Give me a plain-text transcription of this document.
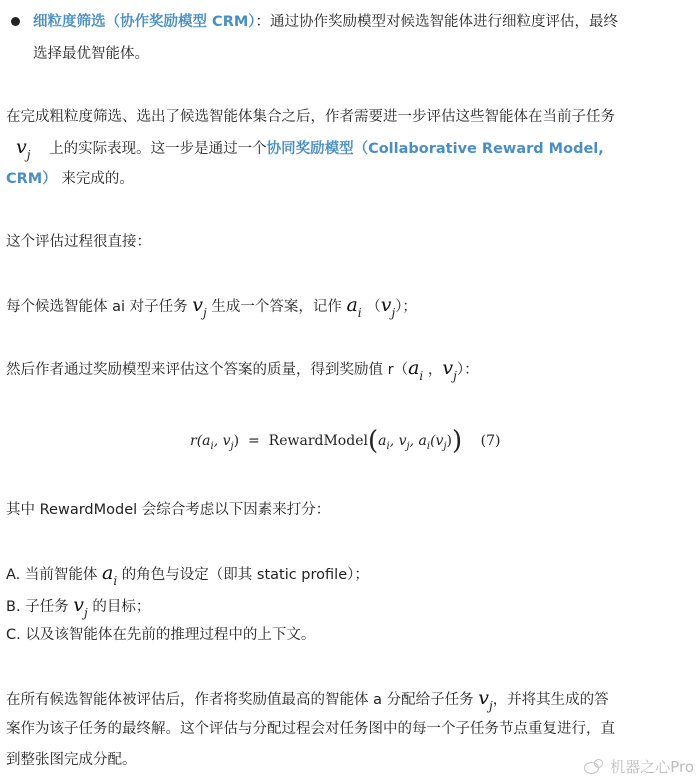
细粒度筛选（协作奖励模型 CRM）：通过协作奖励模型对候选智能体进行细粒度评估，最终
选择最优智能体。

在完成粗粒度筛选、选出了候选智能体集合之后，作者需要进一步评估这些智能体在当前子任务

$v_j$ 上的实际表现。这一步是通过一个协同奖励模型（Collaborative Reward Model,

CRM） 来完成的。

这个评估过程很直接：

每个候选智能体 ai 对子任务 $v_j$ 生成一个答案，记作 $a_i$ $(v_j)$；

然后作者通过奖励模型来评估这个答案的质量，得到奖励值 $r(a_i$ ，$v_j$）：

$r(a_i$, $v_j$) = $RewardModel(a_i$, $v_j$, $a_i(v_j)$) (7)

其中 RewardModel 会综合考虑以下因素来打分：

A. 当前智能体 $a_i$ 的角色与设定（即其 static profile）；

B. 子任务 $v_j$ 的目标；

C. 以及该智能体在先前的推理过程中的上下文。

在所有候选智能体被评估后，作者将奖励值最高的智能体 a 分配给子任务 $v_j$，并将其生成的答

案作为该子任务的最终解。这个评估与分配过程会对任务图中的每一个子任务节点重复进行，直

到整张图完成分配。	机器之心Pro
